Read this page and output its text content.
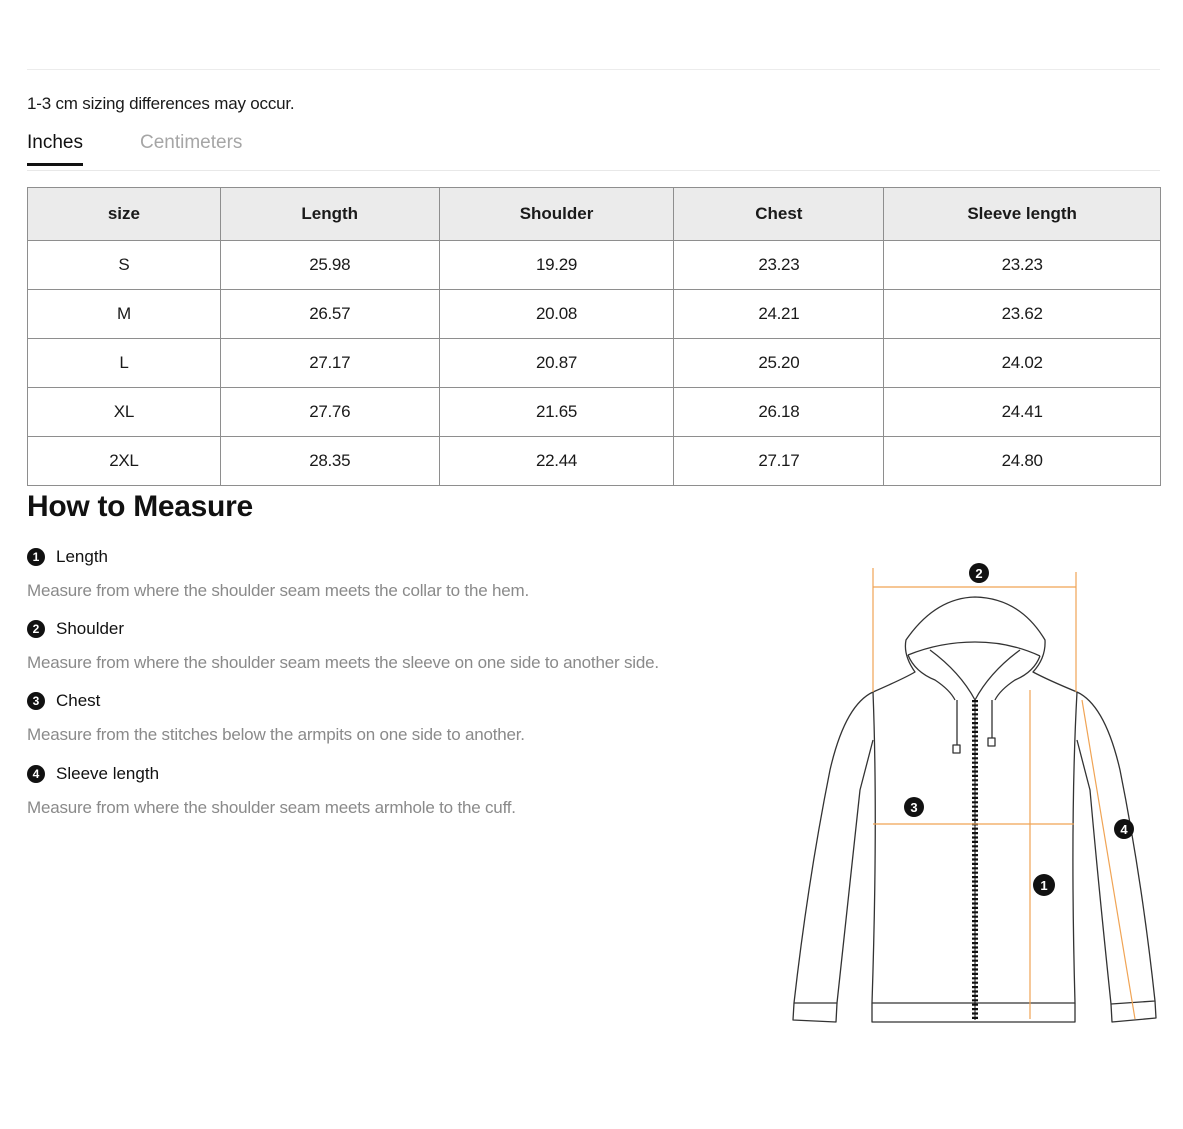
1-3 cm sizing differences may occur.
Inches	Centimeters
size	Length	Shoulder	Chest	Sleeve length
S	25.98	19.29	23.23	23.23
M	26.57	20.08	24.21	23.62
L	27.17	20.87	25.20	24.02
XL	27.76	21.65	26.18	24.41
2XL	28.35	22.44	27.17	24.80
How to Measure
1 Length
Measure from where the shoulder seam meets the collar to the hem.
2 Shoulder
Measure from where the shoulder seam meets the sleeve on one side to another side.
3 Chest
Measure from the stitches below the armpits on one side to another.
4 Sleeve length
Measure from where the shoulder seam meets armhole to the cuff.
2
3
1
4
